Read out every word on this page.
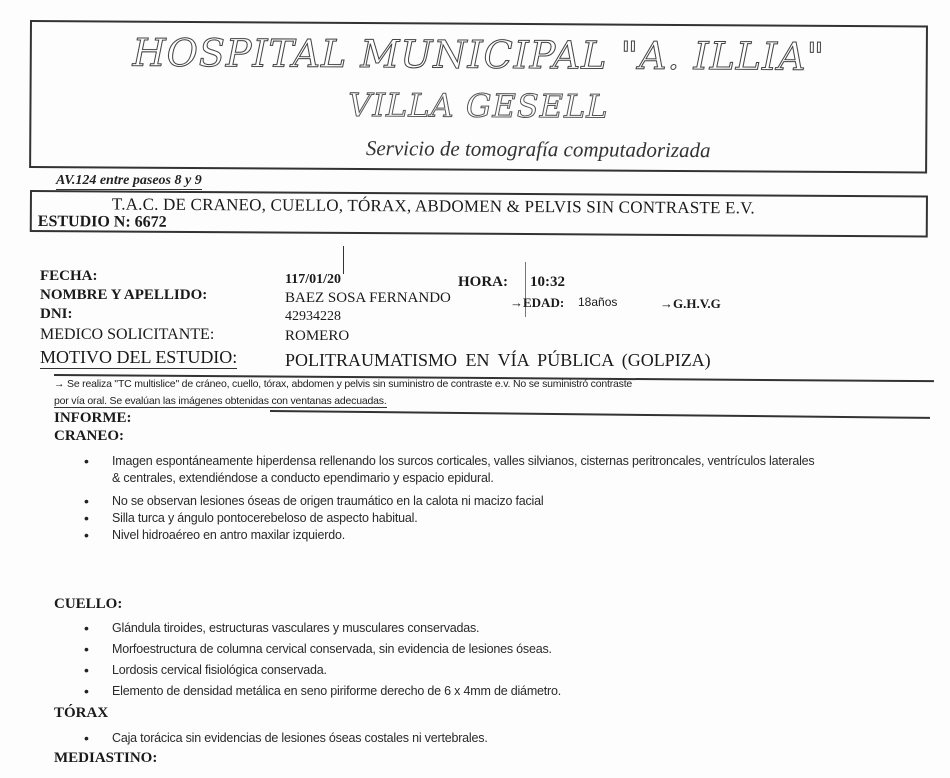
HOSPITAL MUNICIPAL "A. ILLIA"
VILLA GESELL
Servicio de tomografía computadorizada
AV.124 entre paseos 8 y 9
T.A.C. DE CRANEO, CUELLO, TÓRAX, ABDOMEN & PELVIS SIN CONTRASTE E.V.
ESTUDIO N: 6672
FECHA:	117/01/20	HORA: 10:32
NOMBRE Y APELLIDO:	BAEZ SOSA FERNANDO	→EDAD: 18años	→G.H.V.G
DNI:	42934228
MEDICO SOLICITANTE:	ROMERO
MOTIVO DEL ESTUDIO:	POLITRAUMATISMO EN VÍA PÚBLICA (GOLPIZA)
→ Se realiza "TC multislice" de cráneo, cuello, tórax, abdomen y pelvis sin suministro de contraste e.v. No se suministró contraste
por vía oral. Se evalúan las imágenes obtenidas con ventanas adecuadas.
INFORME:
CRANEO:
• Imagen espontáneamente hiperdensa rellenando los surcos corticales, valles silvianos, cisternas peritroncales, ventrículos laterales & centrales, extendiéndose a conducto ependimario y espacio epidural.
• No se observan lesiones óseas de origen traumático en la calota ni macizo facial
• Silla turca y ángulo pontocerebeloso de aspecto habitual.
• Nivel hidroaéreo en antro maxilar izquierdo.
CUELLO:
• Glándula tiroides, estructuras vasculares y musculares conservadas.
• Morfoestructura de columna cervical conservada, sin evidencia de lesiones óseas.
• Lordosis cervical fisiológica conservada.
• Elemento de densidad metálica en seno piriforme derecho de 6 x 4mm de diámetro.
TÓRAX
• Caja torácica sin evidencias de lesiones óseas costales ni vertebrales.
MEDIASTINO:
